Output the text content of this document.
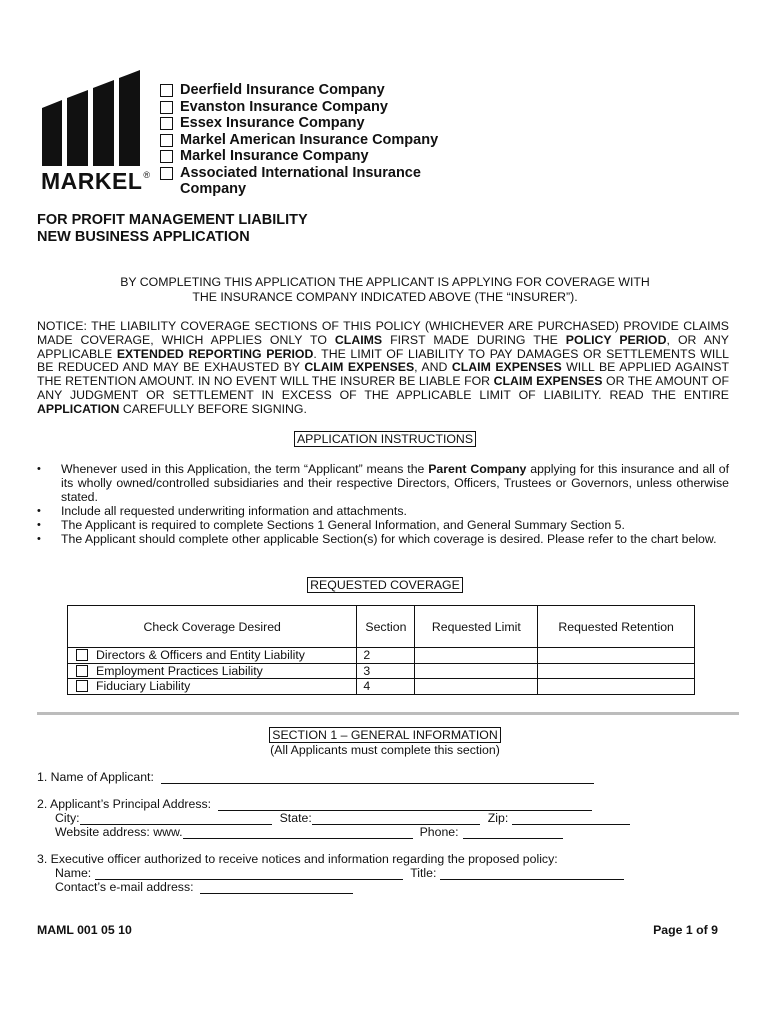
MARKEL®
Deerfield Insurance Company
Evanston Insurance Company
Essex Insurance Company
Markel American Insurance Company
Markel Insurance Company
Associated International Insurance Company
FOR PROFIT MANAGEMENT LIABILITY
NEW BUSINESS APPLICATION
BY COMPLETING THIS APPLICATION THE APPLICANT IS APPLYING FOR COVERAGE WITH
THE INSURANCE COMPANY INDICATED ABOVE (THE “INSURER”).
NOTICE: THE LIABILITY COVERAGE SECTIONS OF THIS POLICY (WHICHEVER ARE PURCHASED) PROVIDE CLAIMS MADE COVERAGE, WHICH APPLIES ONLY TO CLAIMS FIRST MADE DURING THE POLICY PERIOD, OR ANY APPLICABLE EXTENDED REPORTING PERIOD. THE LIMIT OF LIABILITY TO PAY DAMAGES OR SETTLEMENTS WILL BE REDUCED AND MAY BE EXHAUSTED BY CLAIM EXPENSES, AND CLAIM EXPENSES WILL BE APPLIED AGAINST THE RETENTION AMOUNT. IN NO EVENT WILL THE INSURER BE LIABLE FOR CLAIM EXPENSES OR THE AMOUNT OF ANY JUDGMENT OR SETTLEMENT IN EXCESS OF THE APPLICABLE LIMIT OF LIABILITY. READ THE ENTIRE APPLICATION CAREFULLY BEFORE SIGNING.
APPLICATION INSTRUCTIONS
•	Whenever used in this Application, the term “Applicant” means the Parent Company applying for this insurance and all of its wholly owned/controlled subsidiaries and their respective Directors, Officers, Trustees or Governors, unless otherwise stated.
•	Include all requested underwriting information and attachments.
•	The Applicant is required to complete Sections 1 General Information, and General Summary Section 5.
•	The Applicant should complete other applicable Section(s) for which coverage is desired. Please refer to the chart below.
REQUESTED COVERAGE
Check Coverage Desired	Section	Requested Limit	Requested Retention

Directors & Officers and Entity Liability	2		

Employment Practices Liability	3		

Fiduciary Liability	4		
SECTION 1 – GENERAL INFORMATION
(All Applicants must complete this section)
1. Name of Applicant:
2. Applicant’s Principal Address:
City:	State:	Zip:
Website address: www.	Phone:
3. Executive officer authorized to receive notices and information regarding the proposed policy:
Name:	Title:
Contact’s e-mail address:
MAML 001 05 10	Page 1 of 9
